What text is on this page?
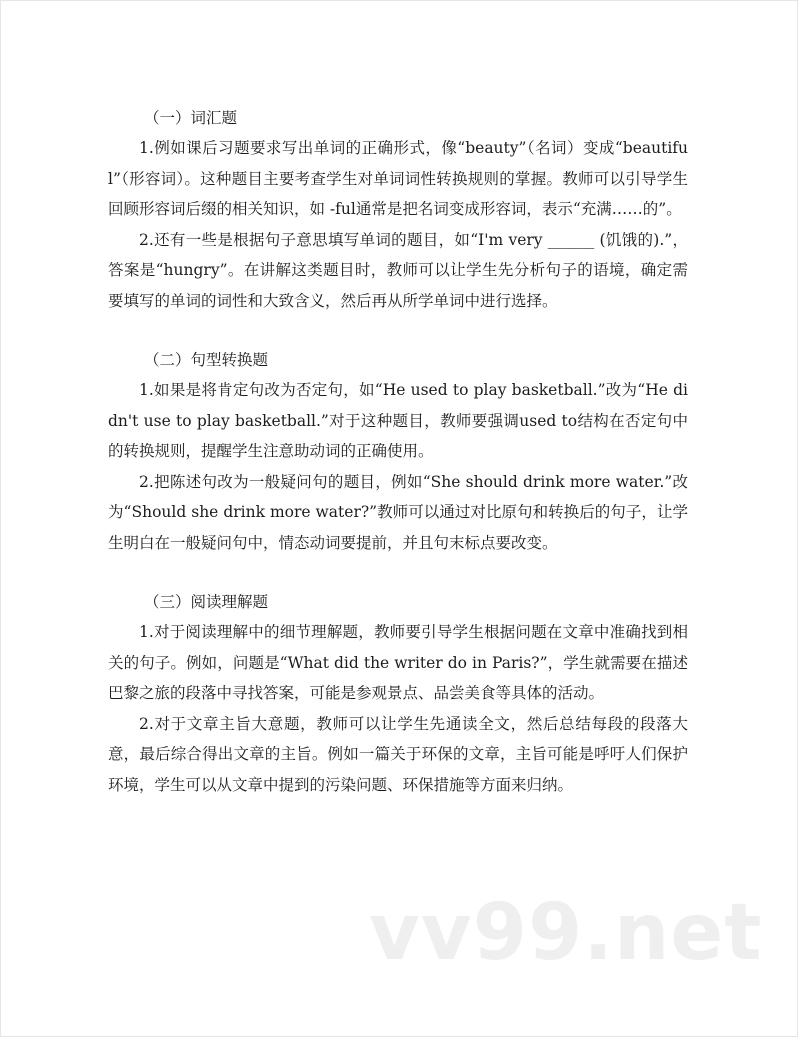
（一）词汇题

1.例如课后习题要求写出单词的正确形式，像“beauty”（名词）变成“beautiful”（形容词）。这种题目主要考查学生对单词词性转换规则的掌握。教师可以引导学生回顾形容词后缀的相关知识，如 -ful通常是把名词变成形容词，表示“充满……的”。

2.还有一些是根据句子意思填写单词的题目，如“I'm very ______ (饥饿的).”，答案是“hungry”。在讲解这类题目时，教师可以让学生先分析句子的语境，确定需要填写的单词的词性和大致含义，然后再从所学单词中进行选择。

（二）句型转换题

1.如果是将肯定句改为否定句，如“He used to play basketball.”改为“He didn't use to play basketball.”对于这种题目，教师要强调used to结构在否定句中的转换规则，提醒学生注意助动词的正确使用。

2.把陈述句改为一般疑问句的题目，例如“She should drink more water.”改为“Should she drink more water?”教师可以通过对比原句和转换后的句子，让学生明白在一般疑问句中，情态动词要提前，并且句末标点要改变。

（三）阅读理解题

1.对于阅读理解中的细节理解题，教师要引导学生根据问题在文章中准确找到相关的句子。例如，问题是“What did the writer do in Paris?”，学生就需要在描述巴黎之旅的段落中寻找答案，可能是参观景点、品尝美食等具体的活动。

2.对于文章主旨大意题，教师可以让学生先通读全文，然后总结每段的段落大意，最后综合得出文章的主旨。例如一篇关于环保的文章，主旨可能是呼吁人们保护环境，学生可以从文章中提到的污染问题、环保措施等方面来归纳。

vv99.net
